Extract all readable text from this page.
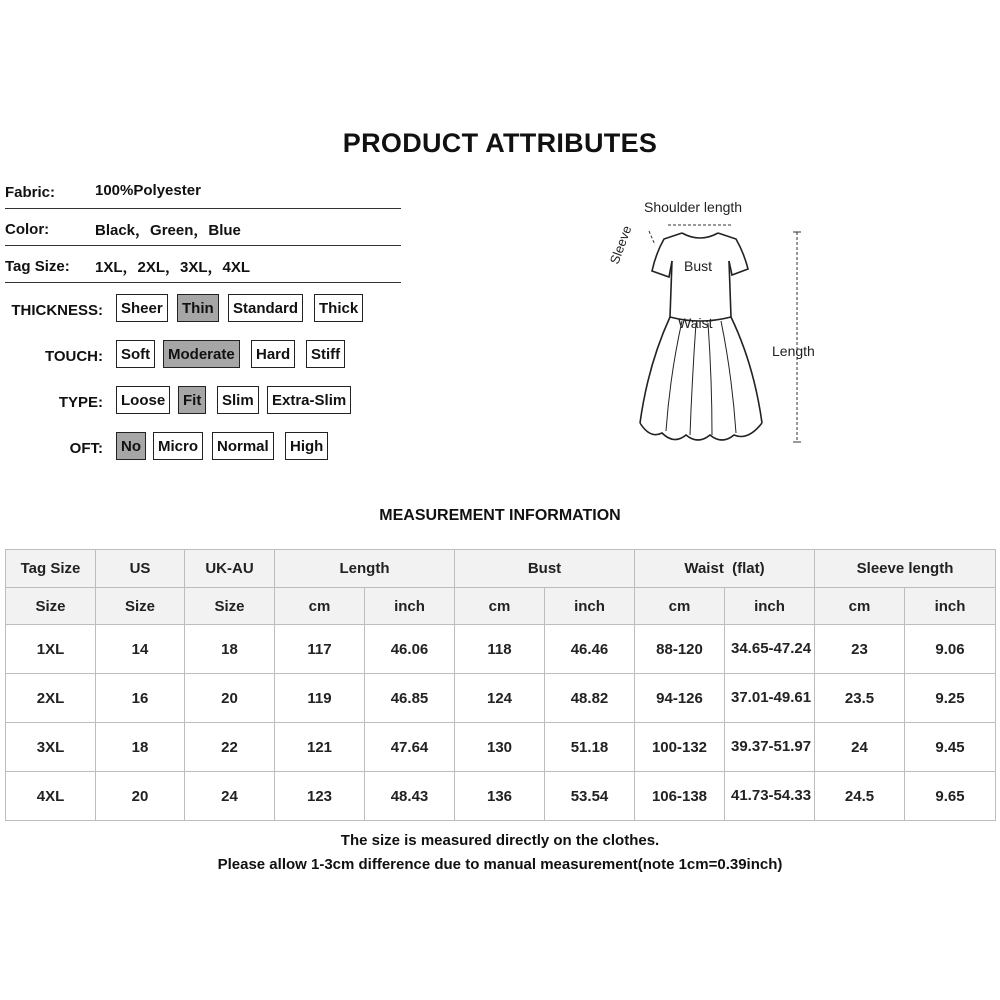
PRODUCT ATTRIBUTES
Fabric:	100%Polyester
Color:	Black，Green，Blue
Tag Size: 1XL，2XL，3XL，4XL
THICKNESS:	Sheer	Thin	Standard	Thick
TOUCH:	Soft	Moderate	Hard	Stiff
TYPE:	Loose	Fit	Slim	Extra-Slim
OFT:	No	Micro	Normal	High
Shoulder length
Sleeve	Bust
Waist
Length
MEASUREMENT INFORMATION
Tag Size	US	UK-AU	Length		Bust		Waist  (flat)		Sleeve length	
Size	Size	Size	cm	inch	cm	inch	cm	inch	cm	inch
1XL	14	18	117	46.06	118	46.46	88-120	34.65-47.24	23	9.06
2XL	16	20	119	46.85	124	48.82	94-126	37.01-49.61	23.5	9.25
3XL	18	22	121	47.64	130	51.18	100-132	39.37-51.97	24	9.45
4XL	20	24	123	48.43	136	53.54	106-138	41.73-54.33	24.5	9.65
The size is measured directly on the clothes.
Please allow 1-3cm difference due to manual measurement(note 1cm=0.39inch)
